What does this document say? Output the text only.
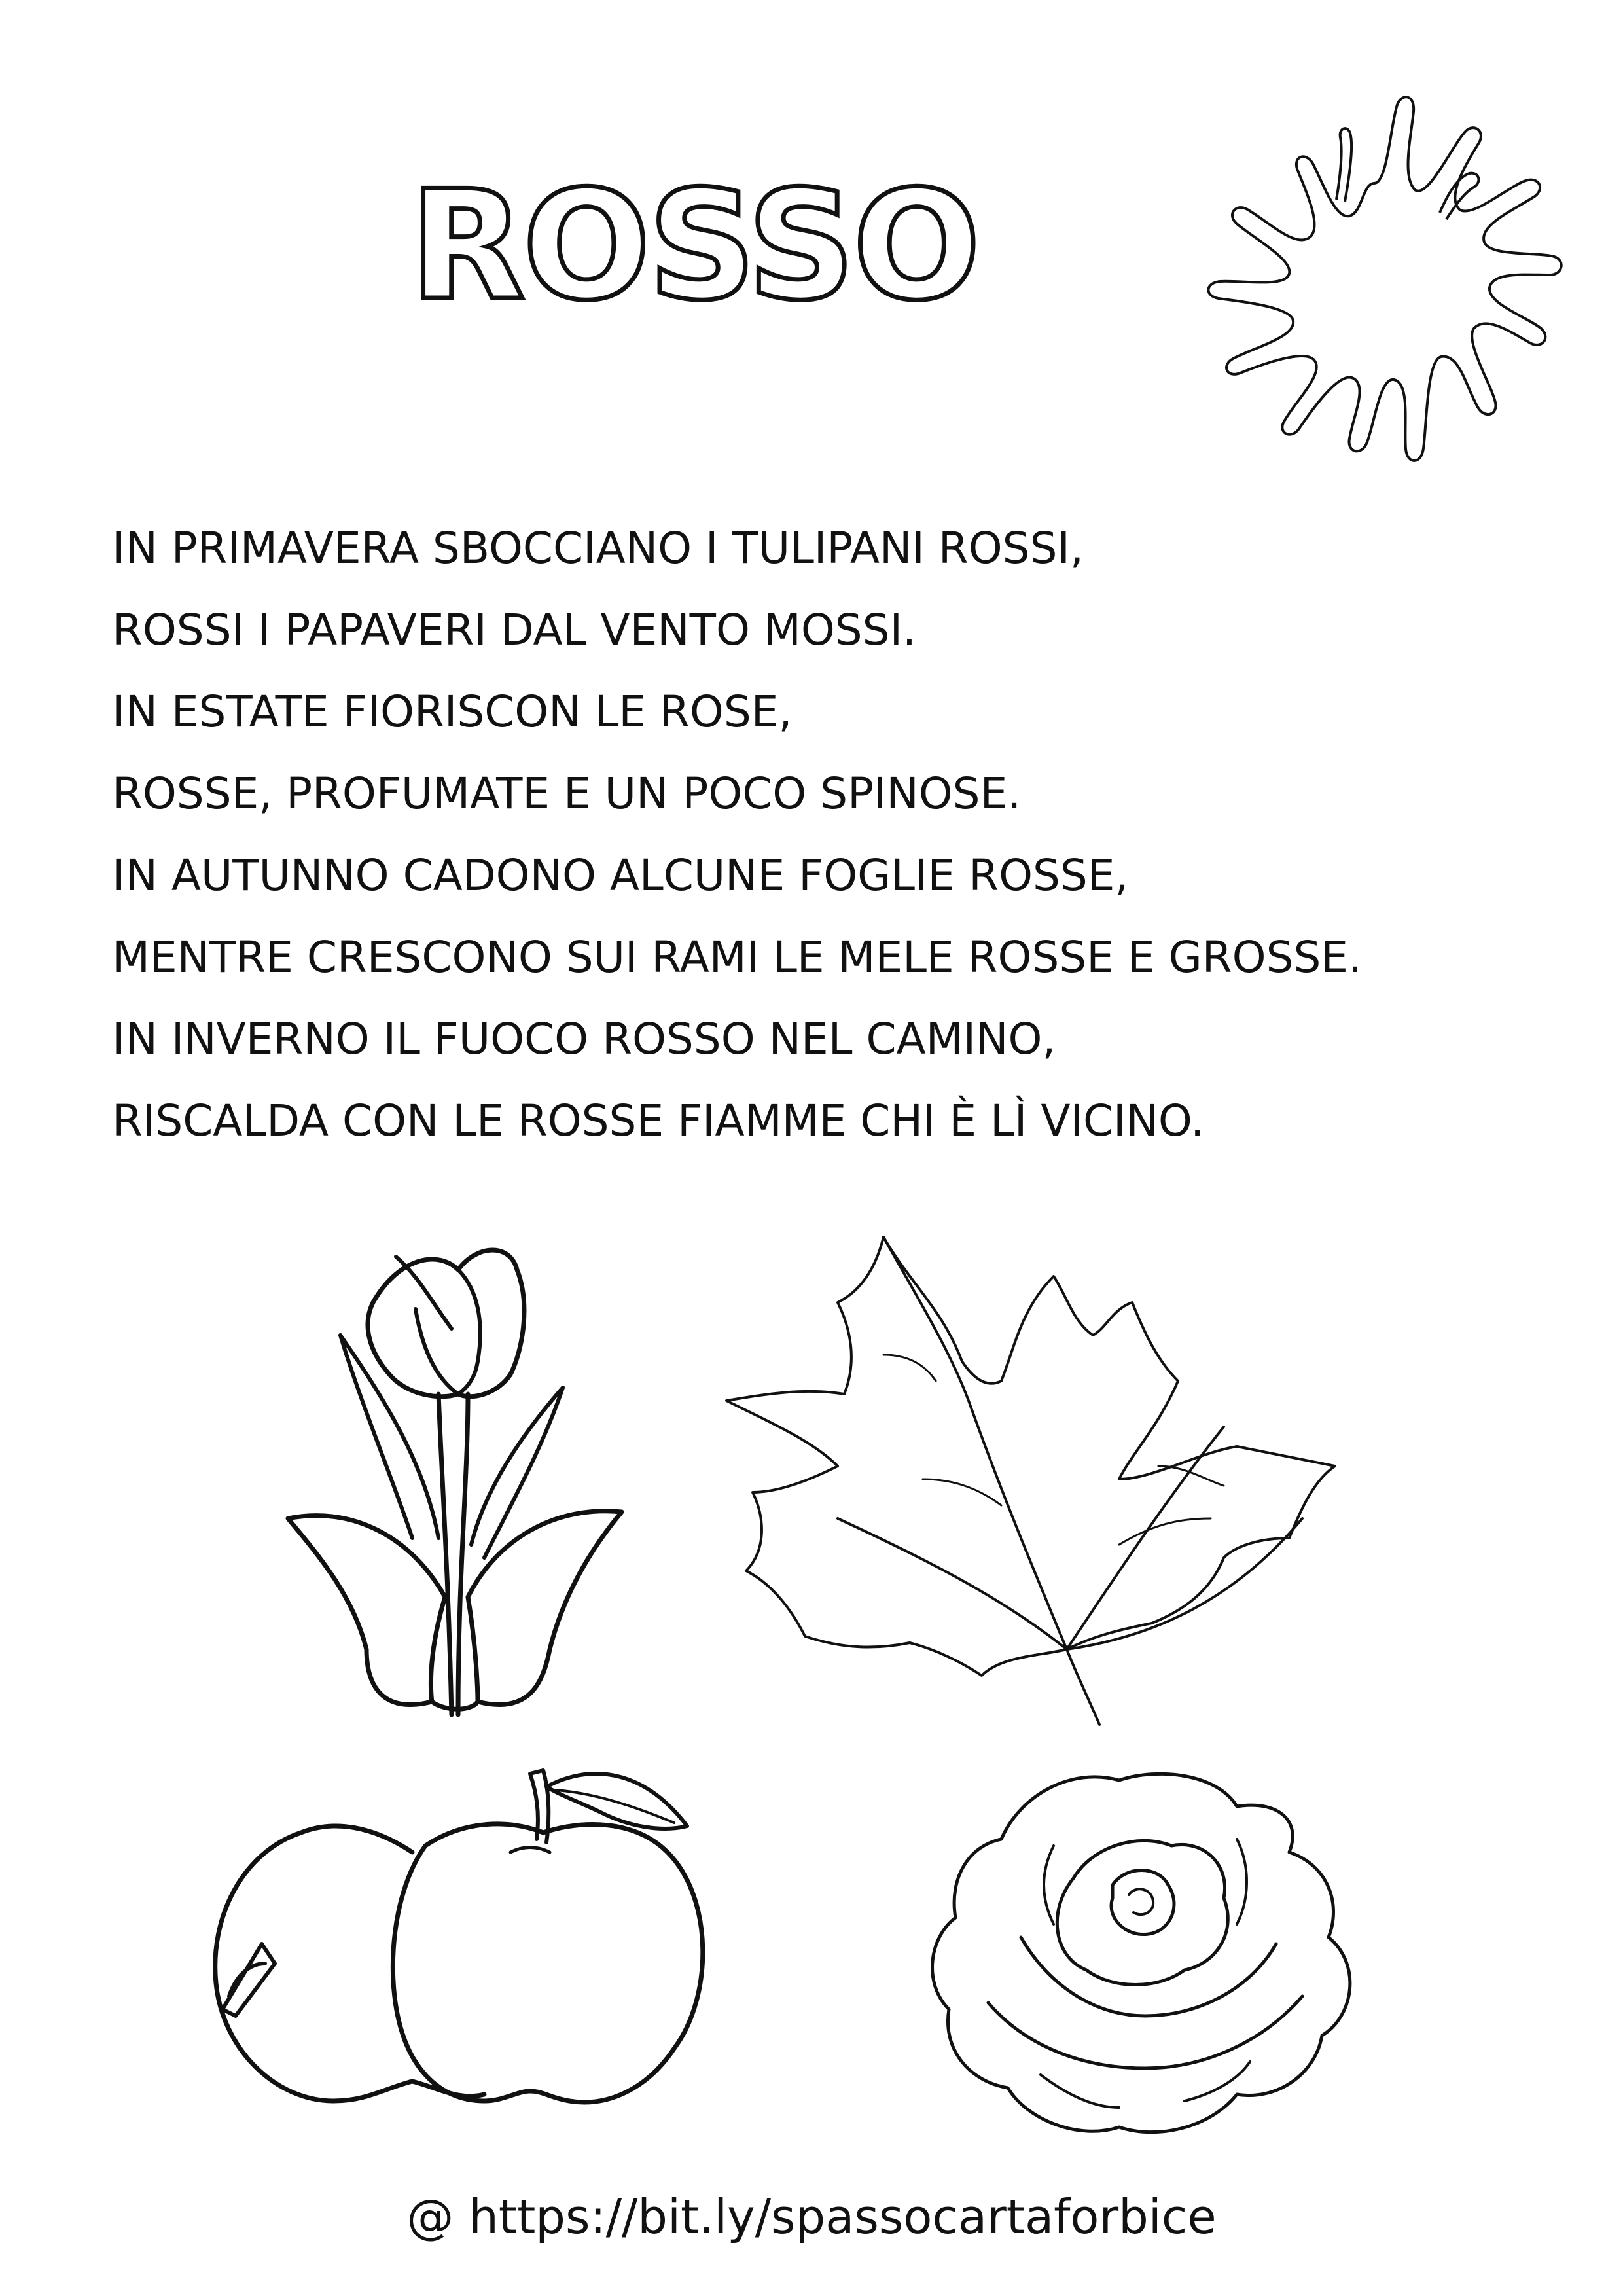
ROSSO
IN PRIMAVERA SBOCCIANO I TULIPANI ROSSI,
ROSSI I PAPAVERI DAL VENTO MOSSI.
IN ESTATE FIORISCON LE ROSE,
ROSSE, PROFUMATE E UN POCO SPINOSE.
IN AUTUNNO CADONO ALCUNE FOGLIE ROSSE,
MENTRE CRESCONO SUI RAMI LE MELE ROSSE E GROSSE.
IN INVERNO IL FUOCO ROSSO NEL CAMINO,
RISCALDA CON LE ROSSE FIAMME CHI È LÌ VICINO.
@ https://bit.ly/spassocartaforbice
